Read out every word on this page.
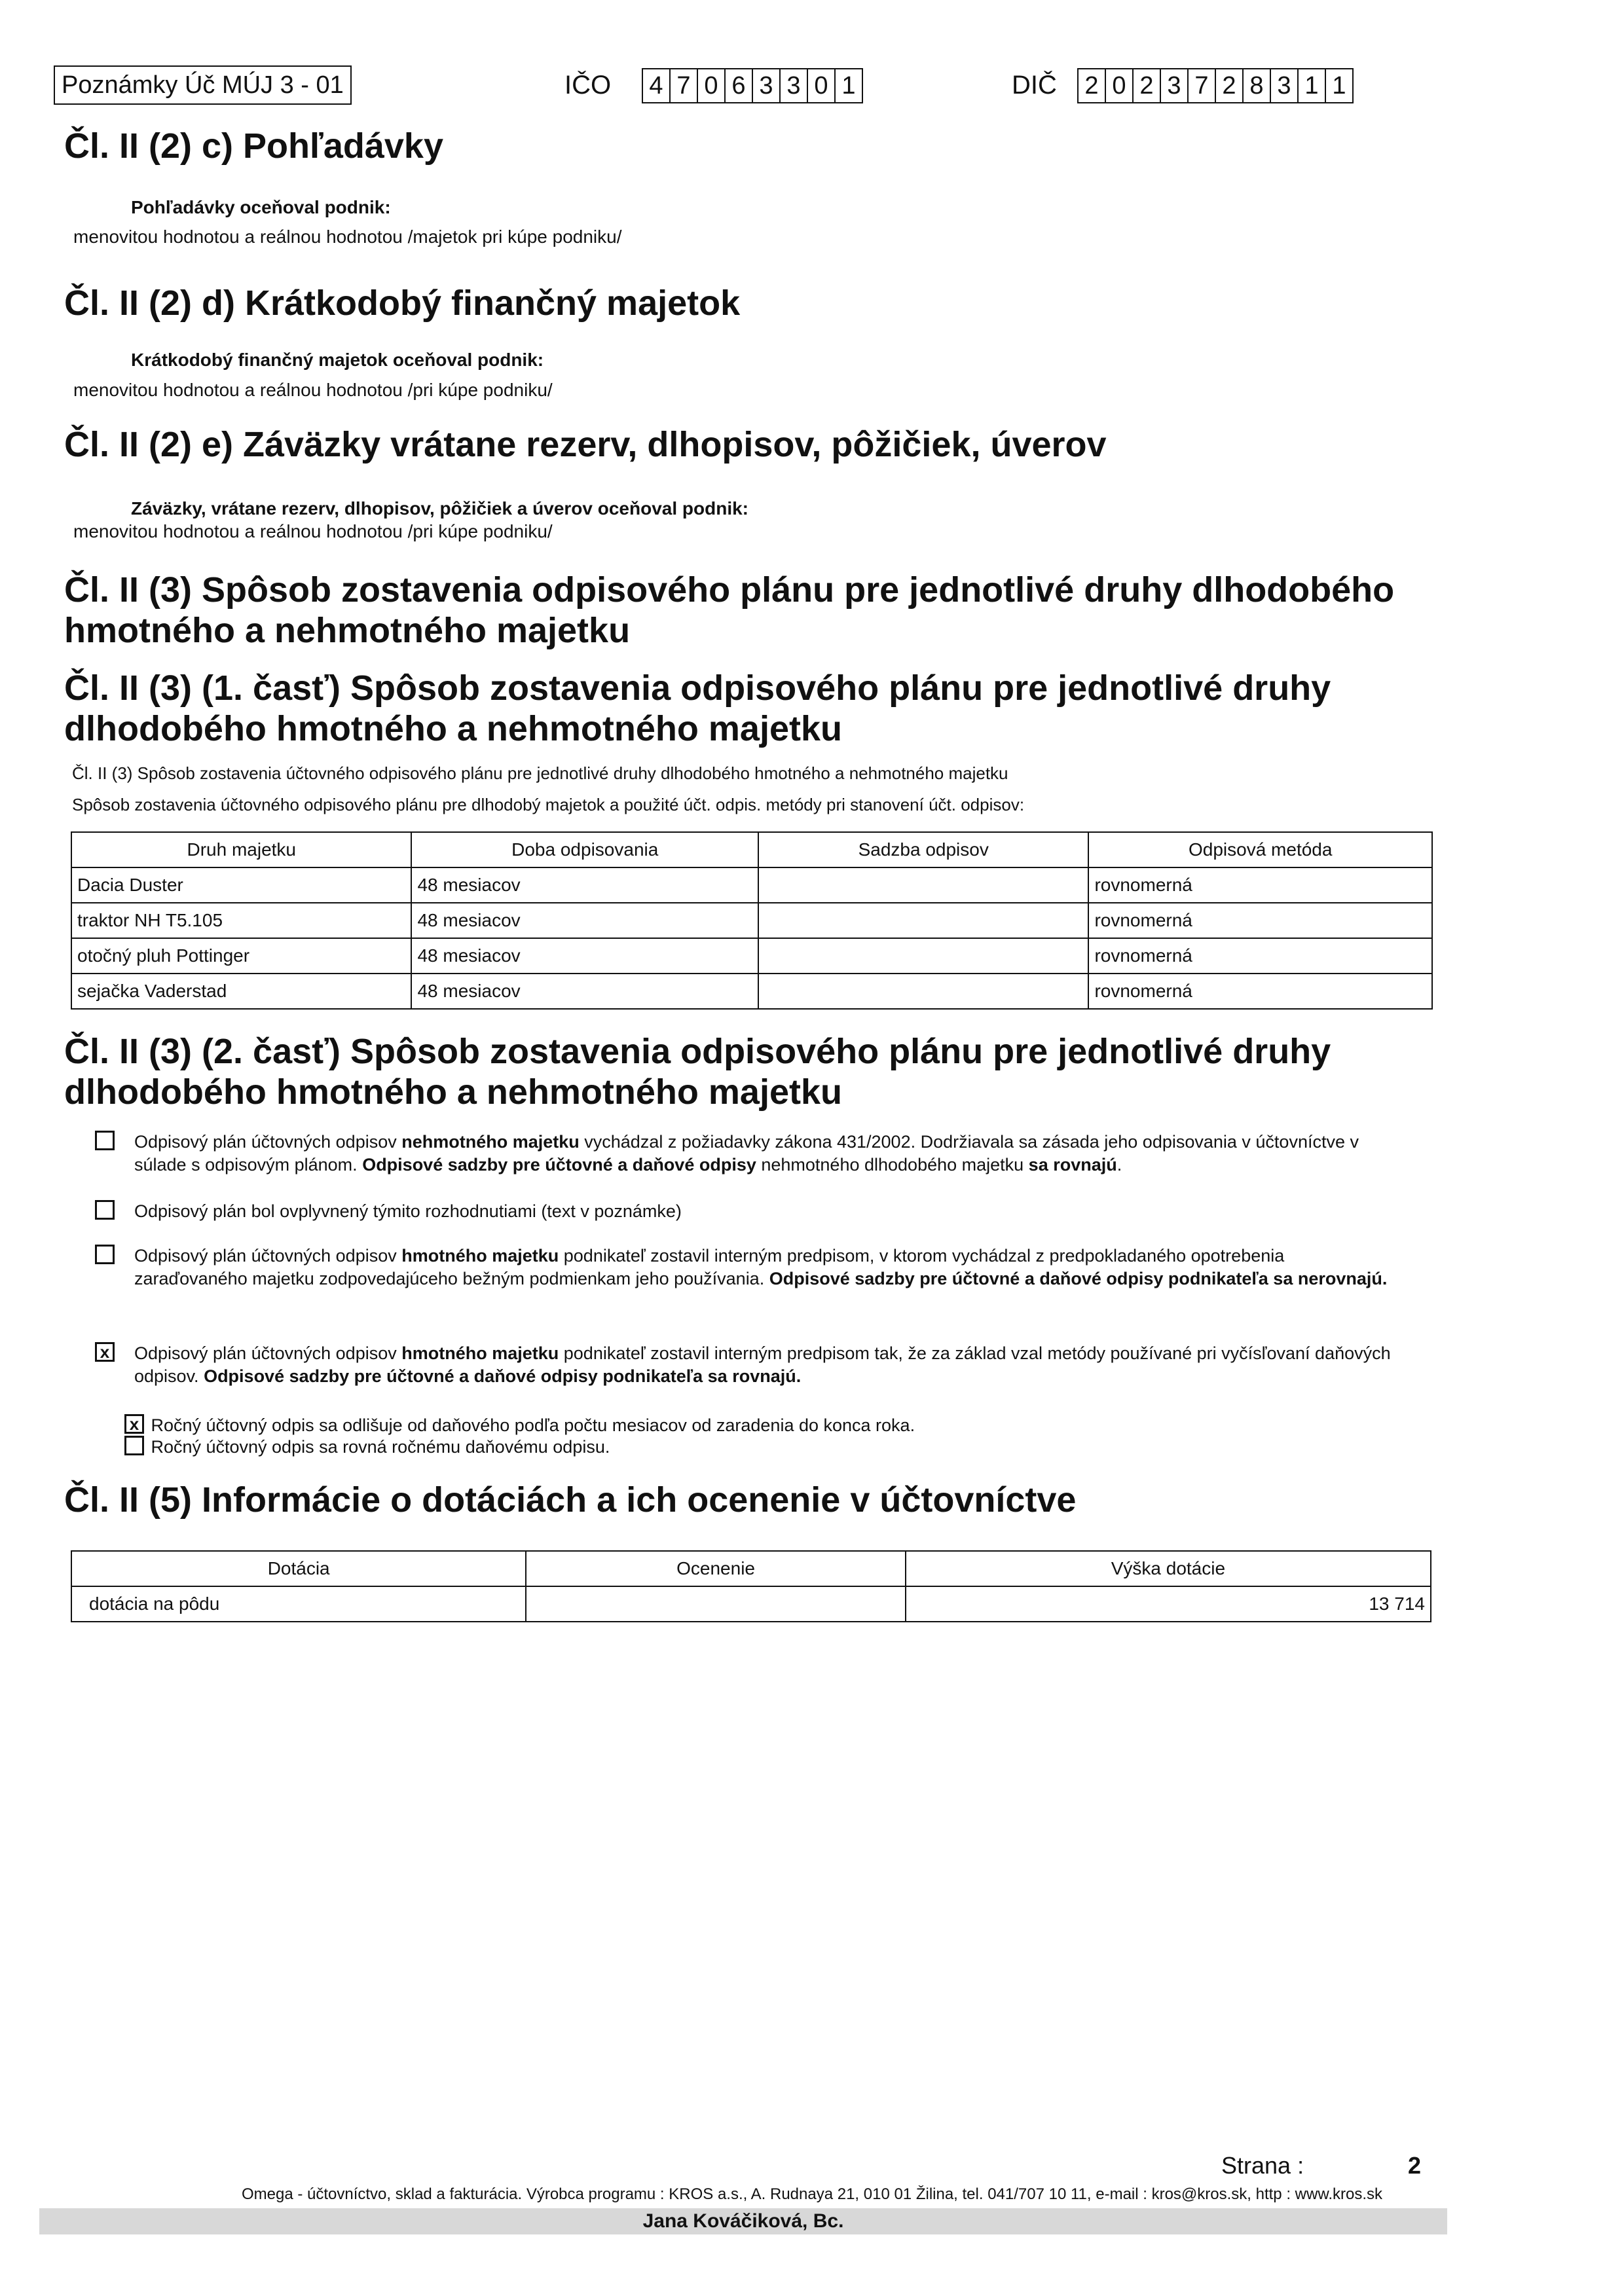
Poznámky Úč MÚJ 3 - 01	IČO 4 7 0 6 3 3 0 1	DIČ 2 0 2 3 7 2 8 3 1 1
Čl. II (2) c) Pohľadávky
Pohľadávky oceňoval podnik:
menovitou hodnotou a reálnou hodnotou /majetok pri kúpe podniku/
Čl. II (2) d) Krátkodobý finančný majetok
Krátkodobý finančný majetok oceňoval podnik:
menovitou hodnotou a reálnou hodnotou /pri kúpe podniku/
Čl. II (2) e) Záväzky vrátane rezerv, dlhopisov, pôžičiek, úverov
Záväzky, vrátane rezerv, dlhopisov, pôžičiek a úverov oceňoval podnik:
menovitou hodnotou a reálnou hodnotou /pri kúpe podniku/
Čl. II (3) Spôsob zostavenia odpisového plánu pre jednotlivé druhy dlhodobého
hmotného a nehmotného majetku
Čl. II (3) (1. časť) Spôsob zostavenia odpisového plánu pre jednotlivé druhy
dlhodobého hmotného a nehmotného majetku
Čl. II (3) Spôsob zostavenia účtovného odpisového plánu pre jednotlivé druhy dlhodobého hmotného a nehmotného majetku
Spôsob zostavenia účtovného odpisového plánu pre dlhodobý majetok a použité účt. odpis. metódy pri stanovení účt. odpisov:
Druh majetku	Doba odpisovania	Sadzba odpisov	Odpisová metóda
Dacia Duster	48 mesiacov		rovnomerná
traktor NH T5.105	48 mesiacov		rovnomerná
otočný pluh Pottinger	48 mesiacov		rovnomerná
sejačka Vaderstad	48 mesiacov		rovnomerná
Čl. II (3) (2. časť) Spôsob zostavenia odpisového plánu pre jednotlivé druhy
dlhodobého hmotného a nehmotného majetku
Odpisový plán účtovných odpisov nehmotného majetku vychádzal z požiadavky zákona 431/2002. Dodržiavala sa zásada jeho odpisovania v účtovníctve v súlade s odpisovým plánom. Odpisové sadzby pre účtovné a daňové odpisy nehmotného dlhodobého majetku sa rovnajú.
Odpisový plán bol ovplyvnený týmito rozhodnutiami (text v poznámke)
Odpisový plán účtovných odpisov hmotného majetku podnikateľ zostavil interným predpisom, v ktorom vychádzal z predpokladaného opotrebenia zaraďovaného majetku zodpovedajúceho bežným podmienkam jeho používania. Odpisové sadzby pre účtovné a daňové odpisy podnikateľa sa nerovnajú.
x Odpisový plán účtovných odpisov hmotného majetku podnikateľ zostavil interným predpisom tak, že za základ vzal metódy používané pri vyčísľovaní daňových odpisov. Odpisové sadzby pre účtovné a daňové odpisy podnikateľa sa rovnajú.
x Ročný účtovný odpis sa odlišuje od daňového podľa počtu mesiacov od zaradenia do konca roka.
Ročný účtovný odpis sa rovná ročnému daňovému odpisu.
Čl. II (5) Informácie o dotáciách a ich ocenenie v účtovníctve
Dotácia	Ocenenie	Výška dotácie
dotácia na pôdu		13 714
Strana :	2
Omega - účtovníctvo, sklad a fakturácia. Výrobca programu : KROS a.s., A. Rudnaya 21, 010 01 Žilina, tel. 041/707 10 11, e-mail : kros@kros.sk, http : www.kros.sk
Jana Kováčiková, Bc.
